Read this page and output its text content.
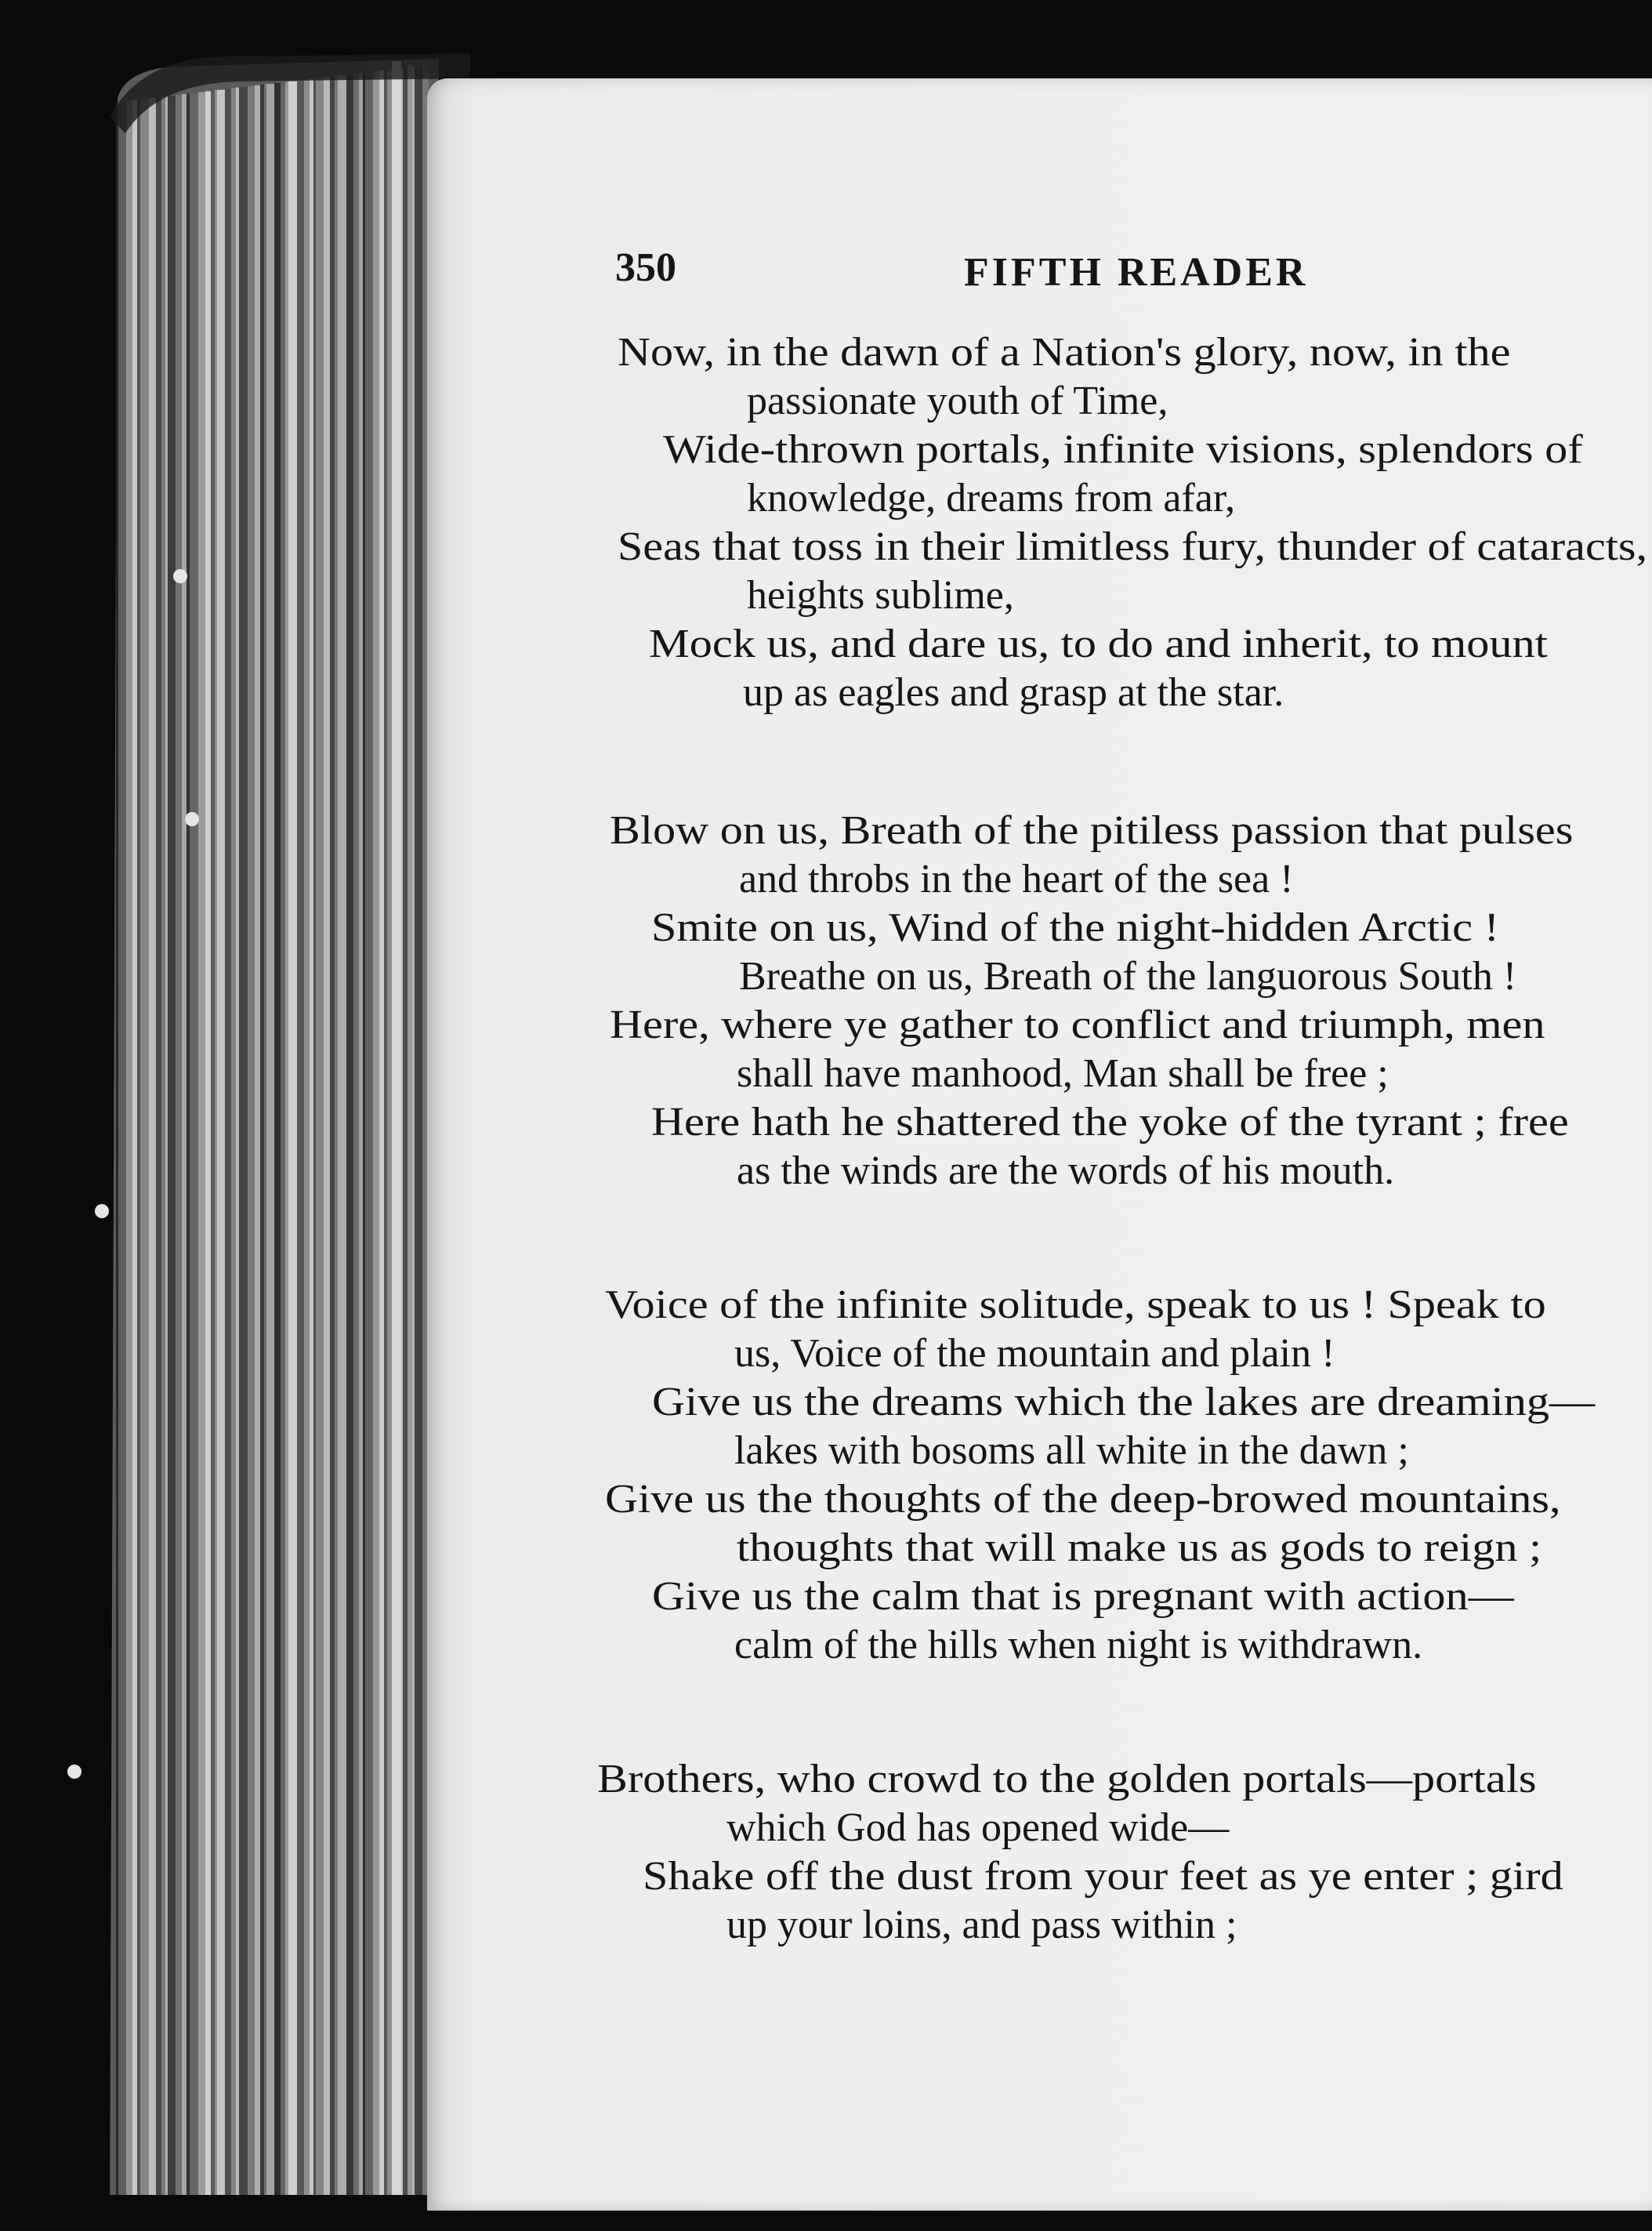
350	FIFTH READER
Now, in the dawn of a Nation's glory, now, in the
passionate youth of Time,
Wide-thrown portals, infinite visions, splendors of
knowledge, dreams from afar,
Seas that toss in their limitless fury, thunder of cataracts,
heights sublime,
Mock us, and dare us, to do and inherit, to mount
up as eagles and grasp at the star.
Blow on us, Breath of the pitiless passion that pulses
and throbs in the heart of the sea !
Smite on us, Wind of the night-hidden Arctic !
Breathe on us, Breath of the languorous South !
Here, where ye gather to conflict and triumph, men
shall have manhood, Man shall be free ;
Here hath he shattered the yoke of the tyrant ; free
as the winds are the words of his mouth.
Voice of the infinite solitude, speak to us ! Speak to
us, Voice of the mountain and plain !
Give us the dreams which the lakes are dreaming—
lakes with bosoms all white in the dawn ;
Give us the thoughts of the deep-browed mountains,
thoughts that will make us as gods to reign ;
Give us the calm that is pregnant with action—
calm of the hills when night is withdrawn.
Brothers, who crowd to the golden portals—portals
which God has opened wide—
Shake off the dust from your feet as ye enter ; gird
up your loins, and pass within ;
